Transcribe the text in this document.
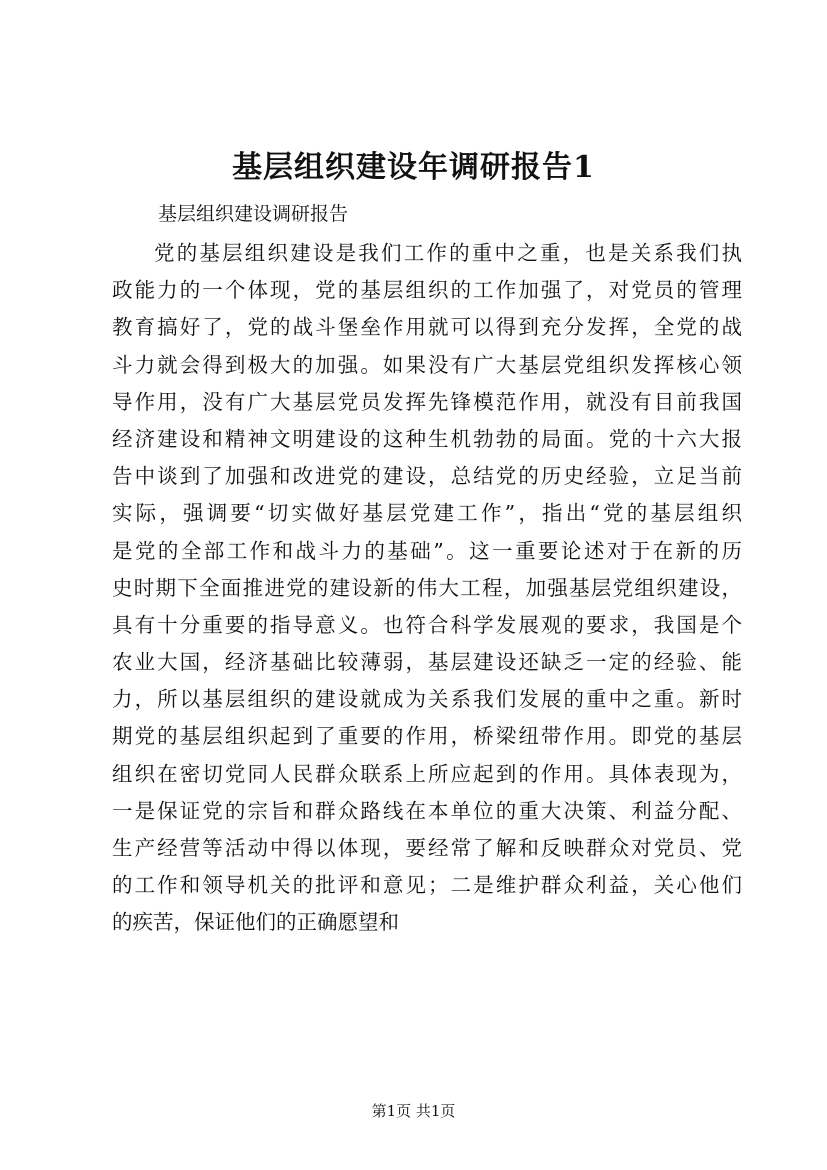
基层组织建设年调研报告1
基层组织建设调研报告
党的基层组织建设是我们工作的重中之重，也是关系我们执
政能力的一个体现，党的基层组织的工作加强了，对党员的管理
教育搞好了，党的战斗堡垒作用就可以得到充分发挥，全党的战
斗力就会得到极大的加强。如果没有广大基层党组织发挥核心领
导作用，没有广大基层党员发挥先锋模范作用，就没有目前我国
经济建设和精神文明建设的这种生机勃勃的局面。党的十六大报
告中谈到了加强和改进党的建设，总结党的历史经验，立足当前
实际，强调要“切实做好基层党建工作”，指出“党的基层组织
是党的全部工作和战斗力的基础”。这一重要论述对于在新的历
史时期下全面推进党的建设新的伟大工程，加强基层党组织建设，
具有十分重要的指导意义。也符合科学发展观的要求，我国是个
农业大国，经济基础比较薄弱，基层建设还缺乏一定的经验、能
力，所以基层组织的建设就成为关系我们发展的重中之重。新时
期党的基层组织起到了重要的作用，桥梁纽带作用。即党的基层
组织在密切党同人民群众联系上所应起到的作用。具体表现为，
一是保证党的宗旨和群众路线在本单位的重大决策、利益分配、
生产经营等活动中得以体现，要经常了解和反映群众对党员、党
的工作和领导机关的批评和意见；二是维护群众利益，关心他们
的疾苦，保证他们的正确愿望和
第1页 共1页
